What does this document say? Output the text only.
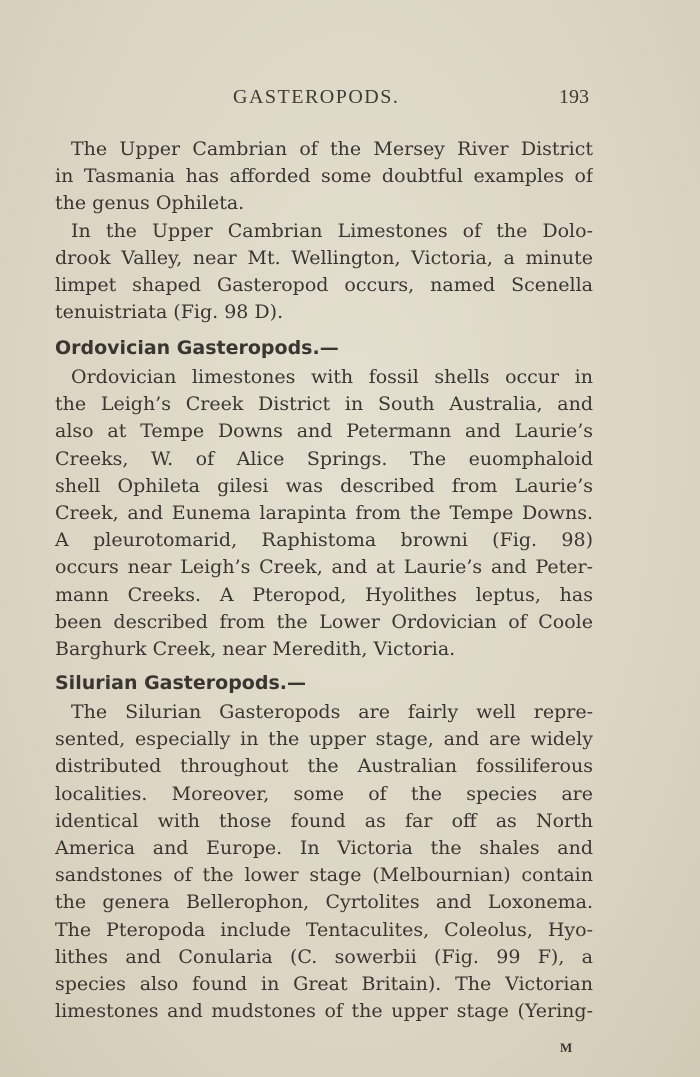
GASTEROPODS.	193
The Upper Cambrian of the Mersey River District
in Tasmania has afforded some doubtful examples of
the genus Ophileta.
In the Upper Cambrian Limestones of the Dolo-
drook Valley, near Mt. Wellington, Victoria, a minute
limpet shaped Gasteropod occurs, named Scenella
tenuistriata (Fig. 98 D).
Ordovician Gasteropods.—
Ordovician limestones with fossil shells occur in
the Leigh’s Creek District in South Australia, and
also at Tempe Downs and Petermann and Laurie’s
Creeks, W. of Alice Springs. The euomphaloid
shell Ophileta gilesi was described from Laurie’s
Creek, and Eunema larapinta from the Tempe Downs.
A pleurotomarid, Raphistoma browni (Fig. 98)
occurs near Leigh’s Creek, and at Laurie’s and Peter-
mann Creeks. A Pteropod, Hyolithes leptus, has
been described from the Lower Ordovician of Coole
Barghurk Creek, near Meredith, Victoria.
Silurian Gasteropods.—
The Silurian Gasteropods are fairly well repre-
sented, especially in the upper stage, and are widely
distributed throughout the Australian fossiliferous
localities. Moreover, some of the species are
identical with those found as far off as North
America and Europe. In Victoria the shales and
sandstones of the lower stage (Melbournian) contain
the genera Bellerophon, Cyrtolites and Loxonema.
The Pteropoda include Tentaculites, Coleolus, Hyo-
lithes and Conularia (C. sowerbii (Fig. 99 F), a
species also found in Great Britain). The Victorian
limestones and mudstones of the upper stage (Yering-
M
